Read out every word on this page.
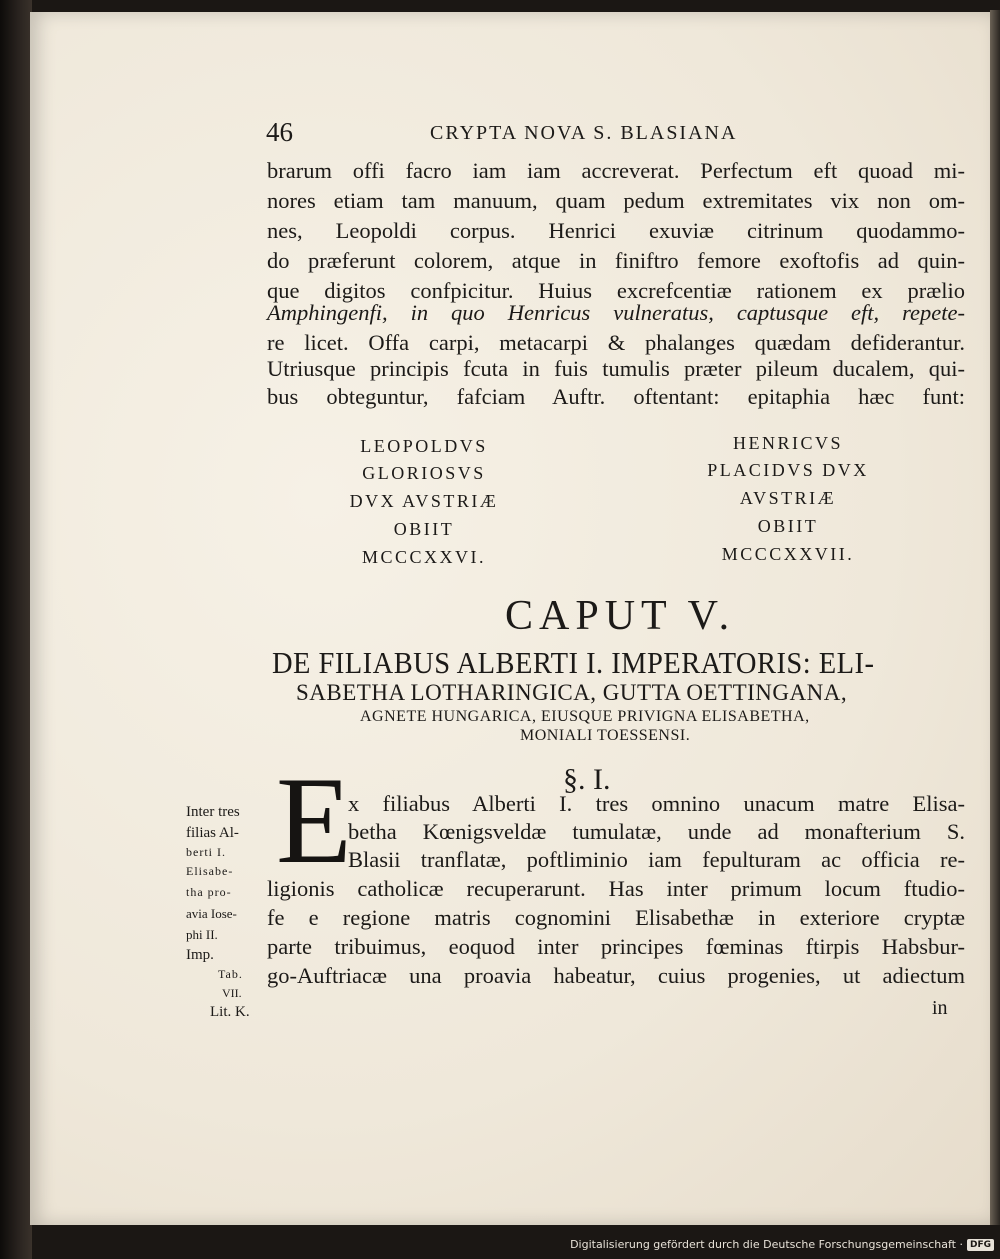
46	CRYPTA NOVA S. BLASIANA
brarum offi facro iam iam accreverat. Perfectum eft quoad mi-
nores etiam tam manuum, quam pedum extremitates vix non om-
nes, Leopoldi corpus. Henrici exuviæ citrinum quodammo-
do præferunt colorem, atque in finiftro femore exoftofis ad quin-
que digitos confpicitur. Huius excrefcentiæ rationem ex prælio
Amphingenfi, in quo Henricus vulneratus, captusque eft, repete-
re licet. Offa carpi, metacarpi & phalanges quædam defiderantur.
Utriusque principis fcuta in fuis tumulis præter pileum ducalem, qui-
bus obteguntur, fafciam Auftr. oftentant: epitaphia hæc funt:
LEOPOLDVS
GLORIOSVS
DVX AVSTRIÆ
OBIIT
MCCCXXVI.
HENRICVS
PLACIDVS DVX
AVSTRIÆ
OBIIT
MCCCXXVII.
CAPUT V.
DE FILIABUS ALBERTI I. IMPERATORIS: ELI-
SABETHA LOTHARINGICA, GUTTA OETTINGANA,
AGNETE HUNGARICA, EIUSQUE PRIVIGNA ELISABETHA,
MONIALI TOESSENSI.
§. I.
E
x filiabus Alberti I. tres omnino unacum matre Elisa-
betha Kœnigsveldæ tumulatæ, unde ad monafterium S.
Blasii tranflatæ, poftliminio iam fepulturam ac officia re-
ligionis catholicæ recuperarunt. Has inter primum locum ftudio-
fe e regione matris cognomini Elisabethæ in exteriore cryptæ
parte tribuimus, eoquod inter principes fœminas ftirpis Habsbur-
go-Auftriacæ una proavia habeatur, cuius progenies, ut adiectum
in
Inter tres
filias Al-
berti I.
Elisabe-
tha pro-
avia Iose-
phi II.
Imp.
Tab.
VII.
Lit. K.
Digitalisierung gefördert durch die Deutsche Forschungsgemeinschaft · DFG
